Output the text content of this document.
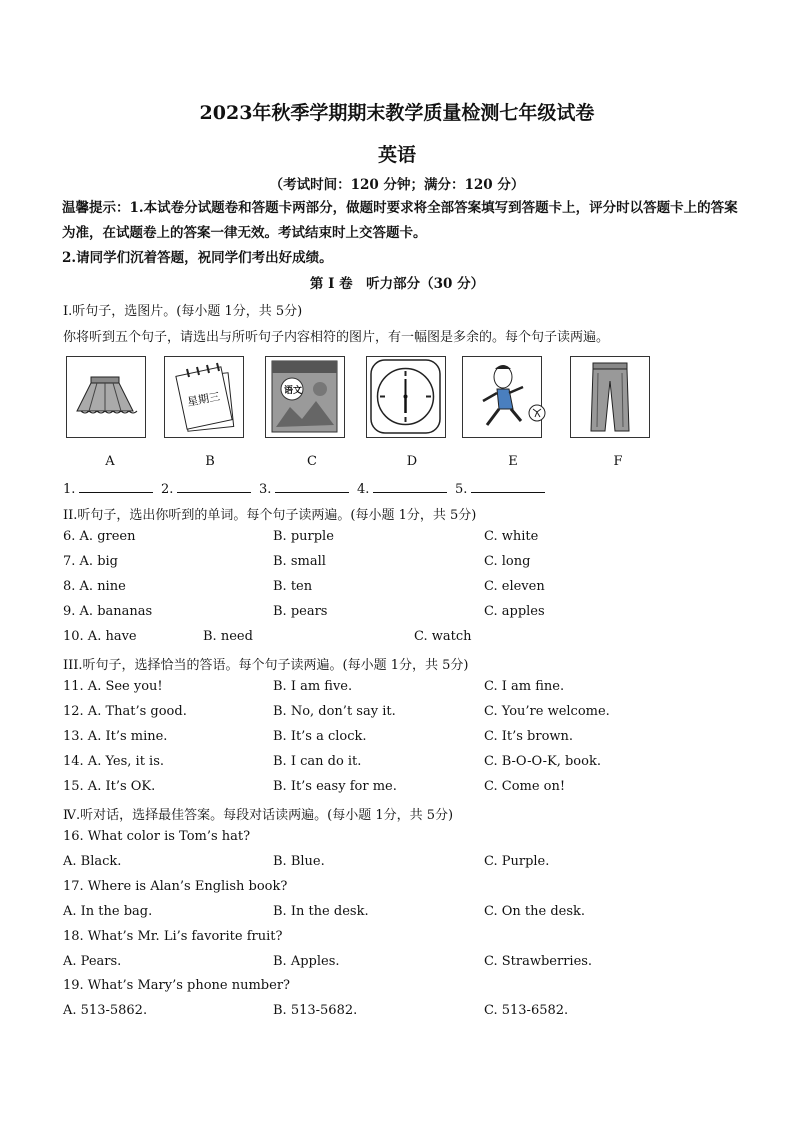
2023年秋季学期期末教学质量检测七年级试卷
英语
（考试时间：120 分钟；满分：120 分）
温馨提示：1.本试卷分试题卷和答题卡两部分，做题时要求将全部答案填写到答题卡上，评分时以答题卡上的答案为准，在试题卷上的答案一律无效。考试结束时上交答题卡。
2.请同学们沉着答题，祝同学们考出好成绩。
第 Ⅰ 卷　听力部分（30 分）
I.听句子，选图片。(每小题 1分，共 5分)
你将听到五个句子，请选出与所听句子内容相符的图片，有一幅图是多余的。每个句子读两遍。
星期三	语文
A	B	C	D	E	F
1.	2.	3.	4.	5.
II.听句子，选出你听到的单词。每个句子读两遍。(每小题 1分，共 5分)
6. A. green	B. purple	C. white
7. A. big	B. small	C. long
8. A. nine	B. ten	C. eleven
9. A. bananas	B. pears	C. apples
10. A. have	B. need	C. watch
III.听句子，选择恰当的答语。每个句子读两遍。(每小题 1分，共 5分)
11. A. See you!	B. I am five.	C. I am fine.
12. A. That’s good.	B. No, don’t say it.	C. You’re welcome.
13. A. It’s mine.	B. It’s a clock.	C. It’s brown.
14. A. Yes, it is.	B. I can do it.	C. B-O-O-K, book.
15. A. It’s OK.	B. It’s easy for me.	C. Come on!
Ⅳ.听对话，选择最佳答案。每段对话读两遍。(每小题 1分，共 5分)
16. What color is Tom’s hat?
A. Black.	B. Blue.	C. Purple.
17. Where is Alan’s English book?
A. In the bag.	B. In the desk.	C. On the desk.
18. What’s Mr. Li’s favorite fruit?
A. Pears.	B. Apples.	C. Strawberries.
19. What’s Mary’s phone number?
A. 513-5862.	B. 513-5682.	C. 513-6582.
